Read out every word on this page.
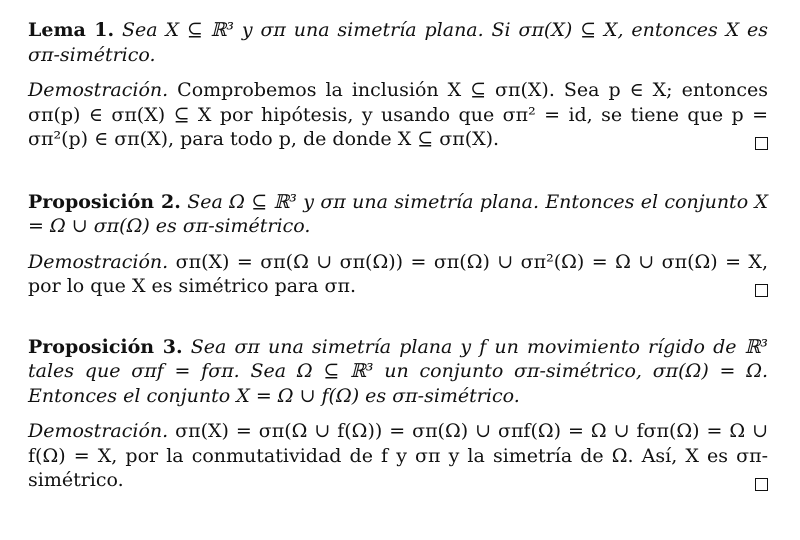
Lema 1. Sea X ⊆ ℝ³ y σπ una simetría plana. Si σπ(X) ⊆ X, entonces X es σπ-simétrico.

Demostración. Comprobemos la inclusión X ⊆ σπ(X). Sea p ∈ X; entonces σπ(p) ∈ σπ(X) ⊆ X por hipótesis, y usando que σπ² = id, se tiene que p = σπ²(p) ∈ σπ(X), para todo p, de donde X ⊆ σπ(X).

Proposición 2. Sea Ω ⊆ ℝ³ y σπ una simetría plana. Entonces el conjunto X = Ω ∪ σπ(Ω) es σπ-simétrico.

Demostración. σπ(X) = σπ(Ω ∪ σπ(Ω)) = σπ(Ω) ∪ σπ²(Ω) = Ω ∪ σπ(Ω) = X, por lo que X es simétrico para σπ.

Proposición 3. Sea σπ una simetría plana y f un movimiento rígido de ℝ³ tales que σπf = fσπ. Sea Ω ⊆ ℝ³ un conjunto σπ-simétrico, σπ(Ω) = Ω. Entonces el conjunto X = Ω ∪ f(Ω) es σπ-simétrico.

Demostración. σπ(X) = σπ(Ω ∪ f(Ω)) = σπ(Ω) ∪ σπf(Ω) = Ω ∪ fσπ(Ω) = Ω ∪ f(Ω) = X, por la conmutatividad de f y σπ y la simetría de Ω. Así, X es σπ-simétrico.
